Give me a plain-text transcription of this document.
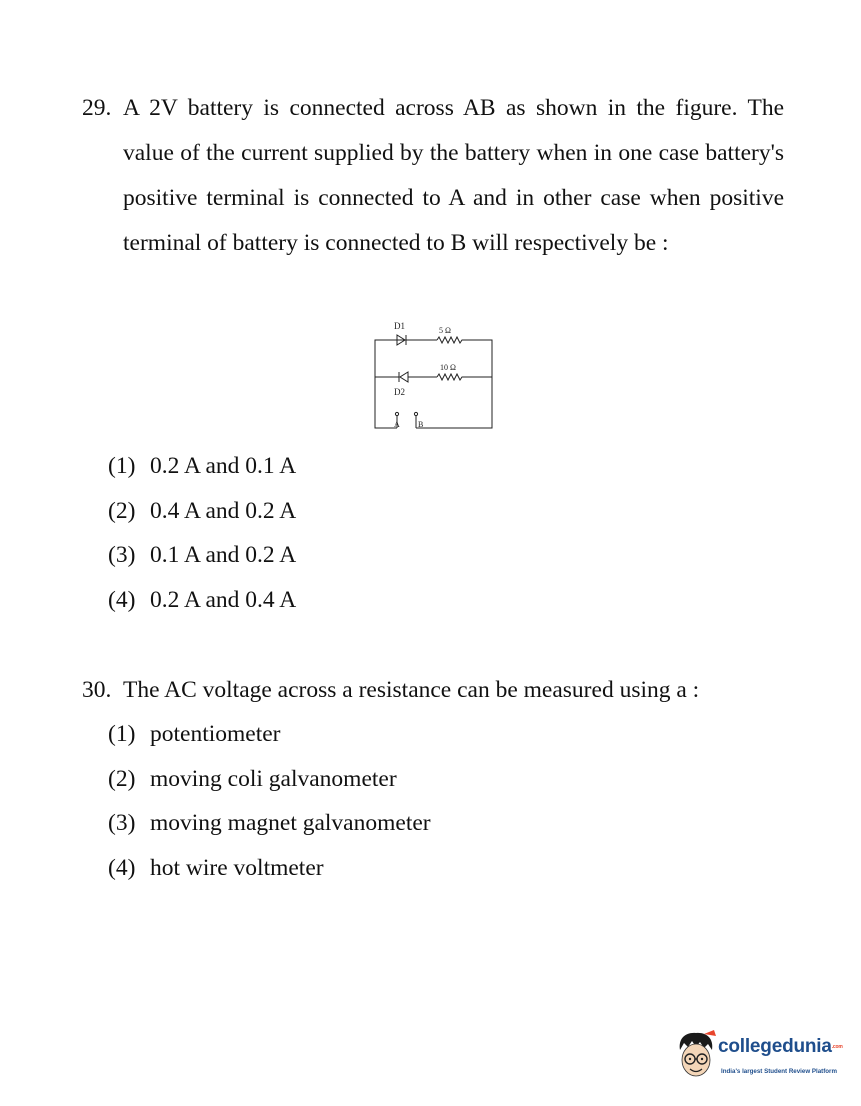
29. A 2V battery is connected across AB as shown in the figure. The value of the current supplied by the battery when in one case battery's positive terminal is connected to A and in other case when positive terminal of battery is connected to B will respectively be :

D1	5 Ω
10 Ω
D2
A B
(1) 0.2 A and 0.1 A
(2) 0.4 A and 0.2 A
(3) 0.1 A and 0.2 A
(4) 0.2 A and 0.4 A
30. The AC voltage across a resistance can be measured using a :
(1) potentiometer
(2) moving coli galvanometer
(3) moving magnet galvanometer
(4) hot wire voltmeter
collegedunia.com
India's largest Student Review Platform
